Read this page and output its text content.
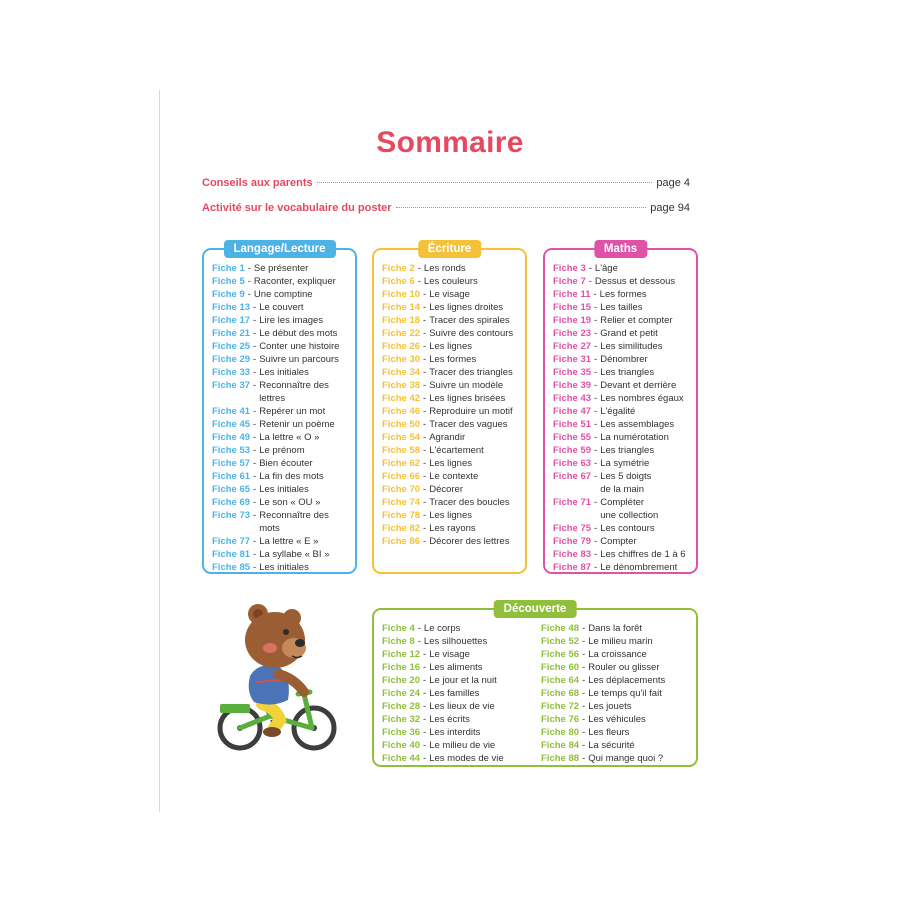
Sommaire
Conseils aux parents	page 4
Activité sur le vocabulaire du poster	page 94
Langage/Lecture
Fiche 1 - Se présenter
Fiche 5 - Raconter, expliquer
Fiche 9 - Une comptine
Fiche 13 - Le couvert
Fiche 17 - Lire les images
Fiche 21 - Le début des mots
Fiche 25 - Conter une histoire
Fiche 29 - Suivre un parcours
Fiche 33 - Les initiales
Fiche 37 - Reconnaître des
lettres
Fiche 41 - Repérer un mot
Fiche 45 - Retenir un poème
Fiche 49 - La lettre « O »
Fiche 53 - Le prénom
Fiche 57 - Bien écouter
Fiche 61 - La fin des mots
Fiche 65 - Les initiales
Fiche 69 - Le son « OU »
Fiche 73 - Reconnaître des mots
Fiche 77 - La lettre « E »
Fiche 81 - La syllabe « BI »
Fiche 85 - Les initiales
Écriture
Fiche 2 - Les ronds
Fiche 6 - Les couleurs
Fiche 10 - Le visage
Fiche 14 - Les lignes droites
Fiche 18 - Tracer des spirales
Fiche 22 - Suivre des contours
Fiche 26 - Les lignes
Fiche 30 - Les formes
Fiche 34 - Tracer des triangles
Fiche 38 - Suivre un modèle
Fiche 42 - Les lignes brisées
Fiche 46 - Reproduire un motif
Fiche 50 - Tracer des vagues
Fiche 54 - Agrandir
Fiche 58 - L'écartement
Fiche 62 - Les lignes
Fiche 66 - Le contexte
Fiche 70 - Décorer
Fiche 74 - Tracer des boucles
Fiche 78 - Les lignes
Fiche 82 - Les rayons
Fiche 86 - Décorer des lettres
Maths
Fiche 3 - L'âge
Fiche 7 - Dessus et dessous
Fiche 11 - Les formes
Fiche 15 - Les tailles
Fiche 19 - Relier et compter
Fiche 23 - Grand et petit
Fiche 27 - Les similitudes
Fiche 31 - Dénombrer
Fiche 35 - Les triangles
Fiche 39 - Devant et derrière
Fiche 43 - Les nombres égaux
Fiche 47 - L'égalité
Fiche 51 - Les assemblages
Fiche 55 - La numérotation
Fiche 59 - Les triangles
Fiche 63 - La symétrie
Fiche 67 - Les 5 doigts
de la main
Fiche 71 - Compléter
une collection
Fiche 75 - Les contours
Fiche 79 - Compter
Fiche 83 - Les chiffres de 1 à 6
Fiche 87 - Le dénombrement
Découverte
Fiche 4 - Le corps
Fiche 8 - Les silhouettes
Fiche 12 - Le visage
Fiche 16 - Les aliments
Fiche 20 - Le jour et la nuit
Fiche 24 - Les familles
Fiche 28 - Les lieux de vie
Fiche 32 - Les écrits
Fiche 36 - Les interdits
Fiche 40 - Le milieu de vie
Fiche 44 - Les modes de vie
Fiche 48 - Dans la forêt
Fiche 52 - Le milieu marin
Fiche 56 - La croissance
Fiche 60 - Rouler ou glisser
Fiche 64 - Les déplacements
Fiche 68 - Le temps qu'il fait
Fiche 72 - Les jouets
Fiche 76 - Les véhicules
Fiche 80 - Les fleurs
Fiche 84 - La sécurité
Fiche 88 - Qui mange quoi ?
